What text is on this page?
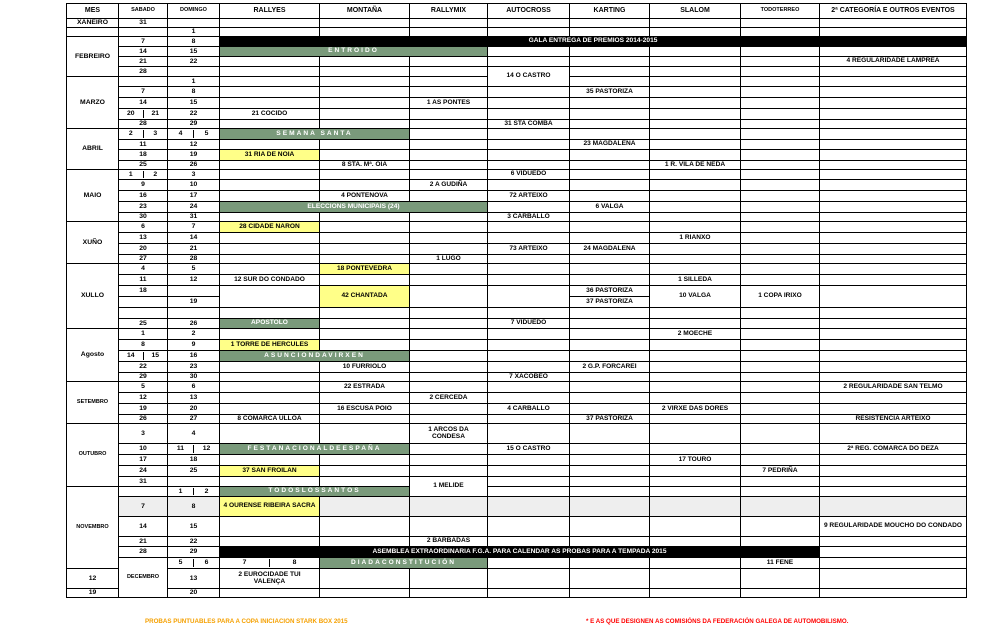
MES	SABADO	DOMINGO	RALLYES	MONTAÑA	RALLYMIX	AUTOCROSS	KARTING	SLALOM	TODOTERREO	2ª CATEGORÍA E OUTROS EVENTOS	
XANEIRO	31										
		1									
FEBREIRO	7	8	GALA ENTREGA DE PREMIOS 2014-2015								
	14	15	ENTROIDO								
	21	22								4 REGULARIDADE LAMPREA	
	28					14 O CASTRO					
MARZO		1									
	7	8					35 PASTORIZA				
	14	15			1 AS PONTES						

	20 21	22	21 COCIDO								
	28	29				31 STA COMBA					
ABRIL	2 3	4 5	SEMANA SANTA								
	11	12					23 MAGDALENA				
	18	19	31 RIA DE NOIA								
	25	26		8 STA. Mª. OIA				1 R. VILA DE NEDA			
MAIO	1 2	3				6 VIDUEDO					
	9	10			2 A GUDIÑA						
	16	17		4 PONTENOVA		72 ARTEIXO					
	23	24	ELECCIONS MUNICIPAIS (24)				6 VALGA				
	30	31				3 CARBALLO					
XUÑO	6	7	28 CIDADE NARON								
	13	14						1 RIANXO			
	20	21				73 ARTEIXO	24 MAGDALENA				
	27	28			1 LUGO						
XULLO	4	5		18 PONTEVEDRA							
	11	12	12 SUR DO CONDADO					1 SILLEDA			
	18			42 CHANTADA			36 PASTORIZA	10 VALGA	1 COPA IRIXO		
		19					37 PASTORIZA				

	25	26	APOSTOLO			7 VIDUEDO					
Agosto	1	2						2 MOECHE			
	8	9	1 TORRE DE HERCULES								

	14 15	16	ASUNCIONDAVIRXEN								
	22	23		10 FURRIOLO			2 G.P. FORCAREI				
	29	30				7 XACOBEO					
SETEMBRO	5	6		22 ESTRADA						2 REGULARIDADE SAN TELMO	
	12	13			2 CERCEDA						
	19	20		16 ESCUSA POIO		4 CARBALLO		2 VIRXE DAS DORES			
	26	27	8 COMARCA ULLOA				37 PASTORIZA			RESISTENCIA ARTEIXO	
OUTUBRO	3	4			1 ARCOS DA CONDESA						
	10	11 12	FESTANACIONALDEESPAÑA			15 O CASTRO				2ª REG. COMARCA DO DEZA	
	17	18						17 TOURO			
	24	25	37 SAN FROILAN						7 PEDRIÑA		
	31				1 MELIDE						
NOVEMBRO		1 2	TODOSLOSSANTOS								
	7	8	4 OURENSE RIBEIRA SACRA								
	14	15								9 REGULARIDADE MOUCHO DO CONDADO	
	21	22			2 BARBADAS						
	28	29	ASEMBLEA EXTRAORDINARIA F.G.A. PARA CALENDAR AS PROBAS PARA A TEMPADA 2015								
	DECEMBRO	5 6	7 8	DIADACONSTITUCIÓN					11 FENE		
12		13	2 EUROCIDADE TUI VALENÇA								
19		20									
PROBAS PUNTUABLES PARA A COPA INICIACION STARK BOX 2015	* E AS QUE DESIGNEN AS COMISIÓNS DA FEDERACIÓN GALEGA DE AUTOMOBILISMO.
